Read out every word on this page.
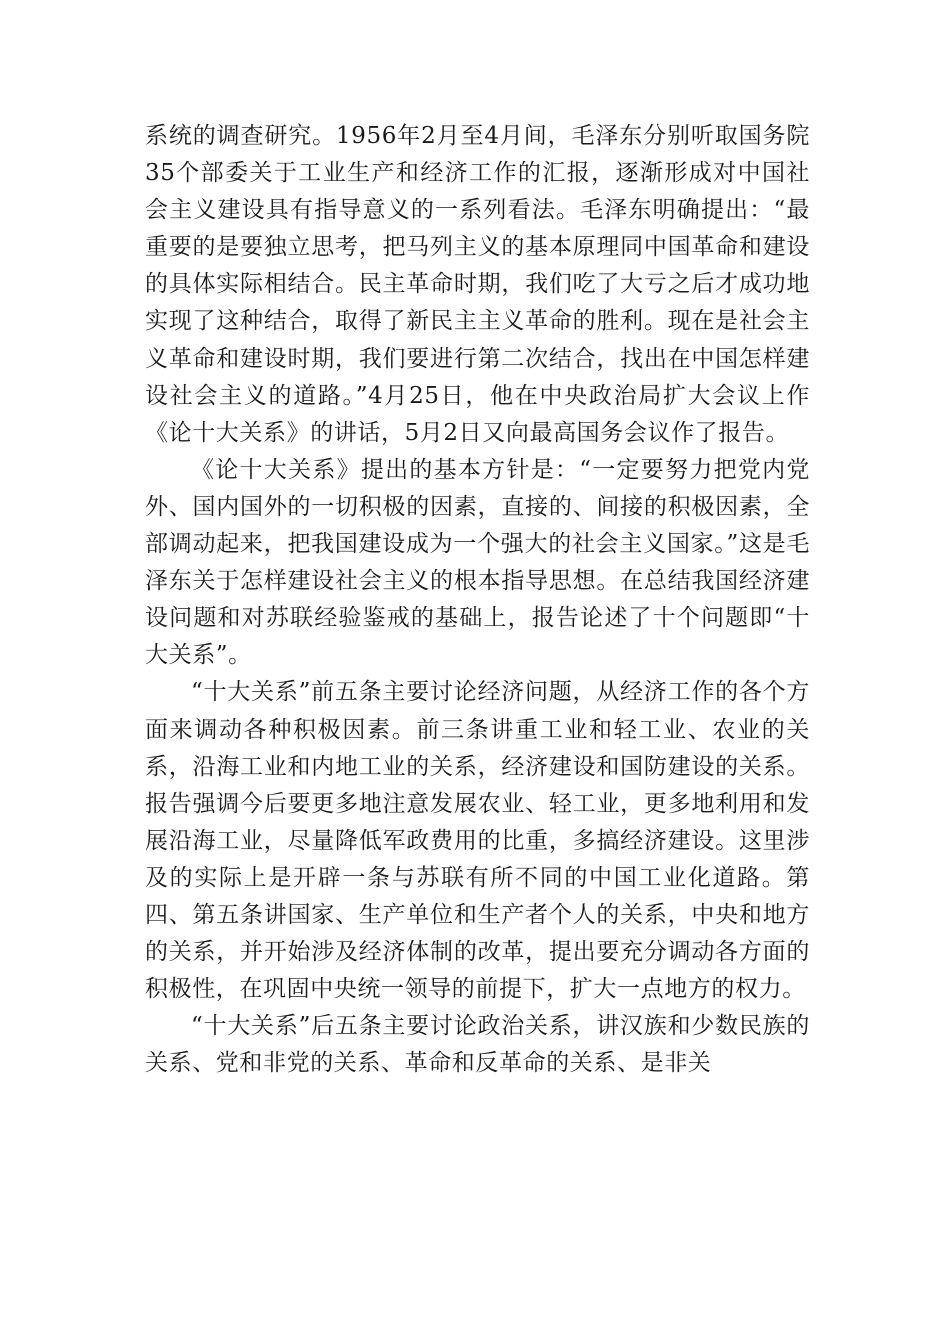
系统的调查研究。1956年2月至4月间，毛泽东分别听取国务院35个部委关于工业生产和经济工作的汇报，逐渐形成对中国社会主义建设具有指导意义的一系列看法。毛泽东明确提出：“最重要的是要独立思考，把马列主义的基本原理同中国革命和建设的具体实际相结合。民主革命时期，我们吃了大亏之后才成功地实现了这种结合，取得了新民主主义革命的胜利。现在是社会主义革命和建设时期，我们要进行第二次结合，找出在中国怎样建设社会主义的道路。”4月25日，他在中央政治局扩大会议上作《论十大关系》的讲话，5月2日又向最高国务会议作了报告。

《论十大关系》提出的基本方针是：“一定要努力把党内党外、国内国外的一切积极的因素，直接的、间接的积极因素，全部调动起来，把我国建设成为一个强大的社会主义国家。”这是毛泽东关于怎样建设社会主义的根本指导思想。在总结我国经济建设问题和对苏联经验鉴戒的基础上，报告论述了十个问题即“十大关系”。

“十大关系”前五条主要讨论经济问题，从经济工作的各个方面来调动各种积极因素。前三条讲重工业和轻工业、农业的关系，沿海工业和内地工业的关系，经济建设和国防建设的关系。报告强调今后要更多地注意发展农业、轻工业，更多地利用和发展沿海工业，尽量降低军政费用的比重，多搞经济建设。这里涉及的实际上是开辟一条与苏联有所不同的中国工业化道路。第四、第五条讲国家、生产单位和生产者个人的关系，中央和地方的关系，并开始涉及经济体制的改革，提出要充分调动各方面的积极性，在巩固中央统一领导的前提下，扩大一点地方的权力。

“十大关系”后五条主要讨论政治关系，讲汉族和少数民族的关系、党和非党的关系、革命和反革命的关系、是非关
